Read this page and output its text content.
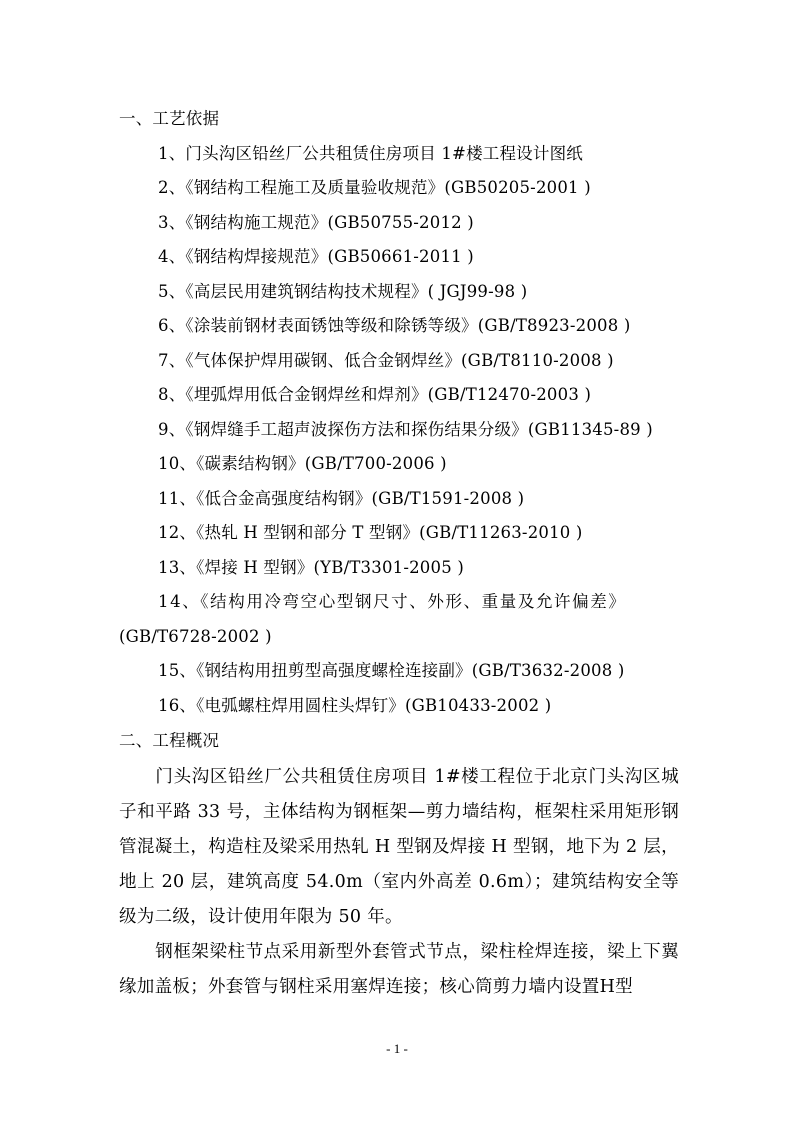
一、工艺依据
1、门头沟区铅丝厂公共租赁住房项目 1#楼工程设计图纸
2、《钢结构工程施工及质量验收规范》(GB50205-2001 )
3、《钢结构施工规范》(GB50755-2012 )
4、《钢结构焊接规范》(GB50661-2011 )
5、《高层民用建筑钢结构技术规程》( JGJ99-98 )
6、《涂装前钢材表面锈蚀等级和除锈等级》(GB/T8923-2008 )
7、《气体保护焊用碳钢、低合金钢焊丝》(GB/T8110-2008 )
8、《埋弧焊用低合金钢焊丝和焊剂》(GB/T12470-2003 )
9、《钢焊缝手工超声波探伤方法和探伤结果分级》(GB11345-89 )
10、《碳素结构钢》(GB/T700-2006 )
11、《低合金高强度结构钢》(GB/T1591-2008 )
12、《热轧 H 型钢和部分 T 型钢》(GB/T11263-2010 )
13、《焊接 H 型钢》(YB/T3301-2005 )
14、《结构用冷弯空心型钢尺寸、外形、重量及允许偏差》
(GB/T6728-2002 )
15、《钢结构用扭剪型高强度螺栓连接副》(GB/T3632-2008 )
16、《电弧螺柱焊用圆柱头焊钉》(GB10433-2002 )
二、工程概况
门头沟区铅丝厂公共租赁住房项目 1#楼工程位于北京门头沟区城子和平路 33 号，主体结构为钢框架—剪力墙结构，框架柱采用矩形钢管混凝土，构造柱及梁采用热轧 H 型钢及焊接 H 型钢，地下为 2 层，地上 20 层，建筑高度 54.0m（室内外高差 0.6m）；建筑结构安全等级为二级，设计使用年限为 50 年。
钢框架梁柱节点采用新型外套管式节点，梁柱栓焊连接，梁上下翼缘加盖板；外套管与钢柱采用塞焊连接；核心筒剪力墙内设置H型
- 1 -
